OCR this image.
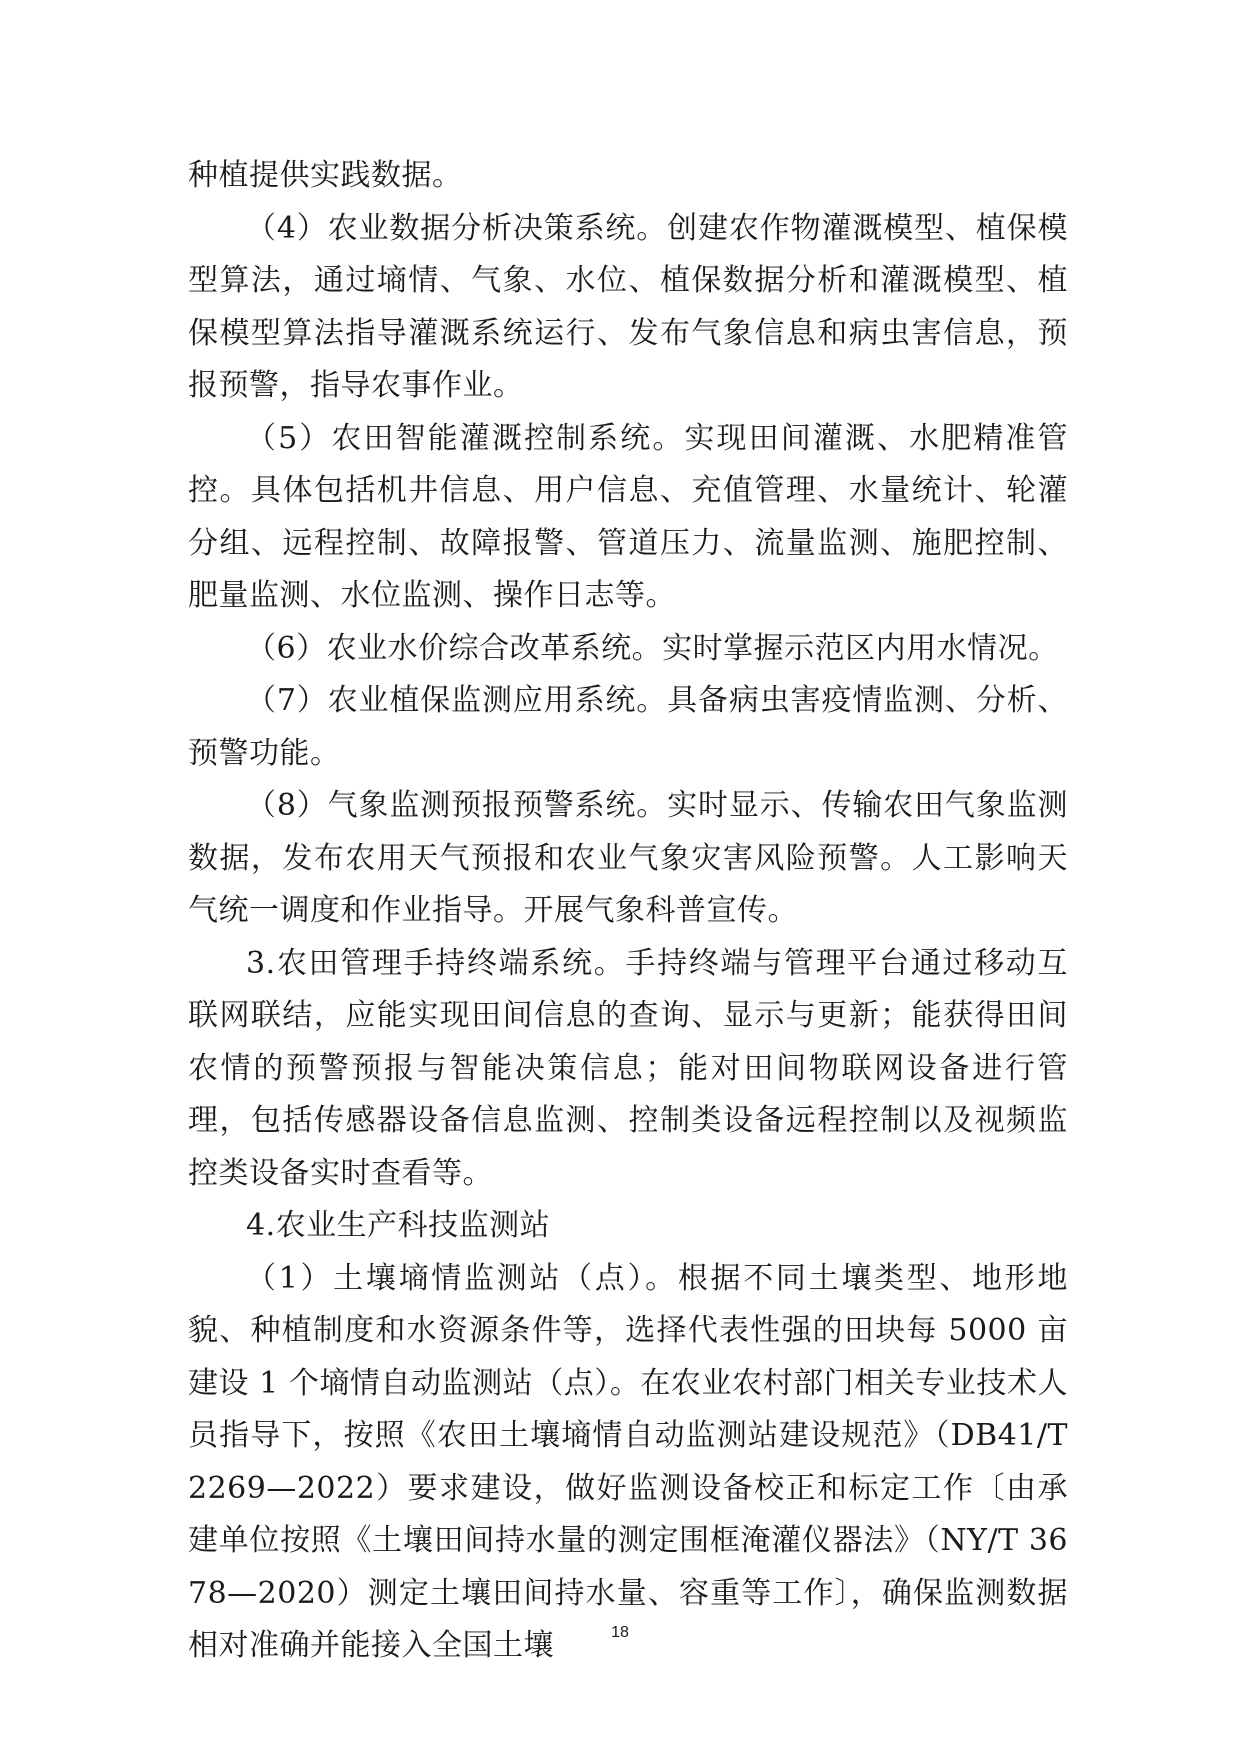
种植提供实践数据。

（4）农业数据分析决策系统。创建农作物灌溉模型、植保模型算法，通过墒情、气象、水位、植保数据分析和灌溉模型、植保模型算法指导灌溉系统运行、发布气象信息和病虫害信息，预报预警，指导农事作业。

（5）农田智能灌溉控制系统。实现田间灌溉、水肥精准管控。具体包括机井信息、用户信息、充值管理、水量统计、轮灌分组、远程控制、故障报警、管道压力、流量监测、施肥控制、肥量监测、水位监测、操作日志等。

（6）农业水价综合改革系统。实时掌握示范区内用水情况。

（7）农业植保监测应用系统。具备病虫害疫情监测、分析、预警功能。

（8）气象监测预报预警系统。实时显示、传输农田气象监测数据，发布农用天气预报和农业气象灾害风险预警。人工影响天气统一调度和作业指导。开展气象科普宣传。

3.农田管理手持终端系统。手持终端与管理平台通过移动互联网联结，应能实现田间信息的查询、显示与更新；能获得田间农情的预警预报与智能决策信息；能对田间物联网设备进行管理，包括传感器设备信息监测、控制类设备远程控制以及视频监控类设备实时查看等。

4.农业生产科技监测站

（1）土壤墒情监测站（点）。根据不同土壤类型、地形地貌、种植制度和水资源条件等，选择代表性强的田块每 5000 亩建设 1 个墒情自动监测站（点）。在农业农村部门相关专业技术人员指导下，按照《农田土壤墒情自动监测站建设规范》（DB41/T 2269—2022）要求建设，做好监测设备校正和标定工作〔由承建单位按照《土壤田间持水量的测定围框淹灌仪器法》（NY/T 3678—2020）测定土壤田间持水量、容重等工作〕，确保监测数据相对准确并能接入全国土壤	18
